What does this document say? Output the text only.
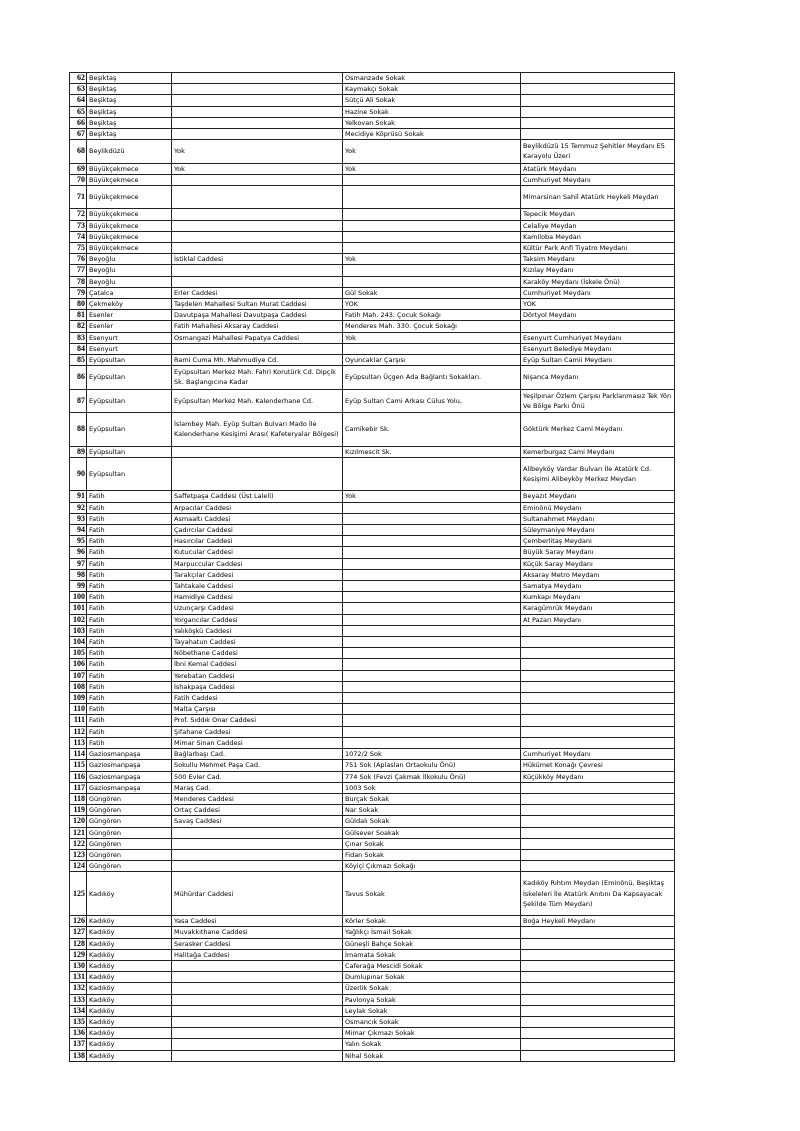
62	Beşiktaş		Osmanzade Sokak	
63	Beşiktaş		Kaymakçı Sokak	
64	Beşiktaş		Sütçü Ali Sokak	
65	Beşiktaş		Hazine Sokak	
66	Beşiktaş		Yelkovan Sokak	
67	Beşiktaş		Mecidiye Köprüsü Sokak	
68	Beylikdüzü	Yok	Yok	Beylikdüzü 15 Temmuz Şehitler Meydanı E5 Karayolu Üzeri
69	Büyükçekmece	Yok	Yok	Atatürk Meydanı
70	Büyükçekmece			Cumhuriyet Meydanı
71	Büyükçekmece			Mimarsinan Sahil Atatürk Heykeli Meydan
72	Büyükçekmece			Tepecik Meydan
73	Büyükçekmece			Celaliye Meydan
74	Büyükçekmece			Kamiloba Meydan
75	Büyükçekmece			Kültür Park Anfi Tiyatro Meydanı
76	Beyoğlu	İstiklal Caddesi	Yok	Taksim Meydanı
77	Beyoğlu			Kızılay Meydanı
78	Beyoğlu			Karaköy Meydanı (İskele Önü)
79	Çatalca	Erler Caddesi	Gül Sokak	Cumhuriyet Meydanı
80	Çekmeköy	Taşdelen Mahallesi Sultan Murat Caddesi	YOK	YOK
81	Esenler	Davutpaşa Mahallesi Davutpaşa Caddesi	Fatih Mah. 243. Çocuk Sokağı	Dörtyol Meydanı
82	Esenler	Fatih Mahallesi Aksaray Caddesi	Menderes Mah. 330. Çocuk Sokağı	
83	Esenyurt	Osmangazi Mahallesi Papatya Caddesi	Yok	Esenyurt Cumhuriyet Meydanı
84	Esenyurt			Esenyurt Belediye Meydanı
85	Eyüpsultan	Rami Cuma Mh. Mahmudiye Cd.	Oyuncaklar Çarşısı	Eyüp Sultan Camii Meydanı
86	Eyüpsultan	Eyüpsultan Merkez Mah. Fahri Korutürk Cd. Dipçik Sk. Başlangıcına Kadar	Eyüpsultan Üçgen Ada Bağlantı Sokakları.	Nişanca Meydanı
87	Eyüpsultan	Eyüpsultan Merkez Mah. Kalenderhane Cd.	Eyüp Sultan Cami Arkası Cülus Yolu,	Yeşilpınar Özlem Çarşısı Parklanmasız Tek Yön Ve Bölge Parkı Önü
88	Eyüpsultan	İslambey Mah. Eyüp Sultan Bulvarı Mado İle Kalenderhane Kesişimi Arası( Kafeteryalar Bölgesi)	Camikebir Sk.	Göktürk Merkez Cami Meydanı
89	Eyüpsultan		Kızılmescit Sk.	Kemerburgaz Cami Meydanı
90	Eyüpsultan			Alibeyköy Vardar Bulvarı İle Atatürk Cd. Kesişimi Alibeyköy Merkez Meydan
91	Fatih	Saffetpaşa Caddesi (Üst Laleli)	Yok	Beyazıt Meydanı
92	Fatih	Arpacılar Caddesi		Eminönü Meydanı
93	Fatih	Asmaaltı Caddesi		Sultanahmet Meydanı
94	Fatih	Çadırcılar Caddesi		Süleymaniye Meydanı
95	Fatih	Hasırcılar Caddesi		Çemberlitaş Meydanı
96	Fatih	Kutucular Caddesi		Büyük Saray Meydanı
97	Fatih	Marpuccular Caddesi		Küçük Saray Meydanı
98	Fatih	Tarakçılar Caddesi		Aksaray Metro Meydanı
99	Fatih	Tahtakale Caddesi		Samatya Meydanı
100	Fatih	Hamidiye Caddesi		Kumkapı Meydanı
101	Fatih	Uzunçarşı Caddesi		Karagümrük Meydanı
102	Fatih	Yorgancılar Caddesi		At Pazarı Meydanı
103	Fatih	Yalıköşkü Caddesi		
104	Fatih	Tayahatun Caddesi		
105	Fatih	Nöbethane Caddesi		
106	Fatih	İbni Kemal Caddesi		
107	Fatih	Yerebatan Caddesi		
108	Fatih	İshakpaşa Caddesi		
109	Fatih	Fatih Caddesi		
110	Fatih	Malta Çarşısı		
111	Fatih	Prof. Sıddık Onar Caddesi		
112	Fatih	Şifahane Caddesi		
113	Fatih	Mimar Sinan Caddesi		
114	Gaziosmanpaşa	Bağlarbaşı Cad.	1072/2 Sok	Cumhuriyet Meydanı
115	Gaziosmanpaşa	Sokullu Mehmet Paşa Cad.	751 Sok (Aplaslan Ortaokulu Önü)	Hükümet Konağı Çevresi
116	Gaziosmanpaşa	500 Evler Cad.	774 Sok (Fevzi Çakmak İlkokulu Önü)	Küçükköy Meydanı
117	Gaziosmanpaşa	Maraş Cad.	1003 Sok	
118	Güngören	Menderes Caddesi	Burçak Sokak	
119	Güngören	Ortaç Caddesi	Nar Sokak	
120	Güngören	Savaş Caddesi	Güldalı Sokak	
121	Güngören		Gülsever Soakak	
122	Güngören		Çınar Sokak	
123	Güngören		Fidan Sokak	
124	Güngören		Köyiçi Çıkmazı Sokağı	
125	Kadıköy	Mühürdar Caddesi	Tavus Sokak	Kadıköy Rıhtım Meydan (Eminönü, Beşiktaş İskeleleri İle Atatürk Anıtını Da Kapsayacak Şekilde Tüm Meydan)
126	Kadıköy	Yasa Caddesi	Körler Sokak	Boğa Heykeli Meydanı
127	Kadıköy	Muvakkıthane Caddesi	Yağlıkçı İsmail Sokak	
128	Kadıköy	Serasker Caddesi	Güneşli Bahçe Sokak	
129	Kadıköy	Halitağa Caddesi	İmamata Sokak	
130	Kadıköy		Caferağa Mescidi Sokak	
131	Kadıköy		Dumlupınar Sokak	
132	Kadıköy		Üzerlik Sokak	
133	Kadıköy		Pavlonya Sokak	
134	Kadıköy		Leylak Sokak	
135	Kadıköy		Osmancık Sokak	
136	Kadıköy		Mimar Çıkmazı Sokak	
137	Kadıköy		Yalın Sokak	
138	Kadıköy		Nihal Sokak	
